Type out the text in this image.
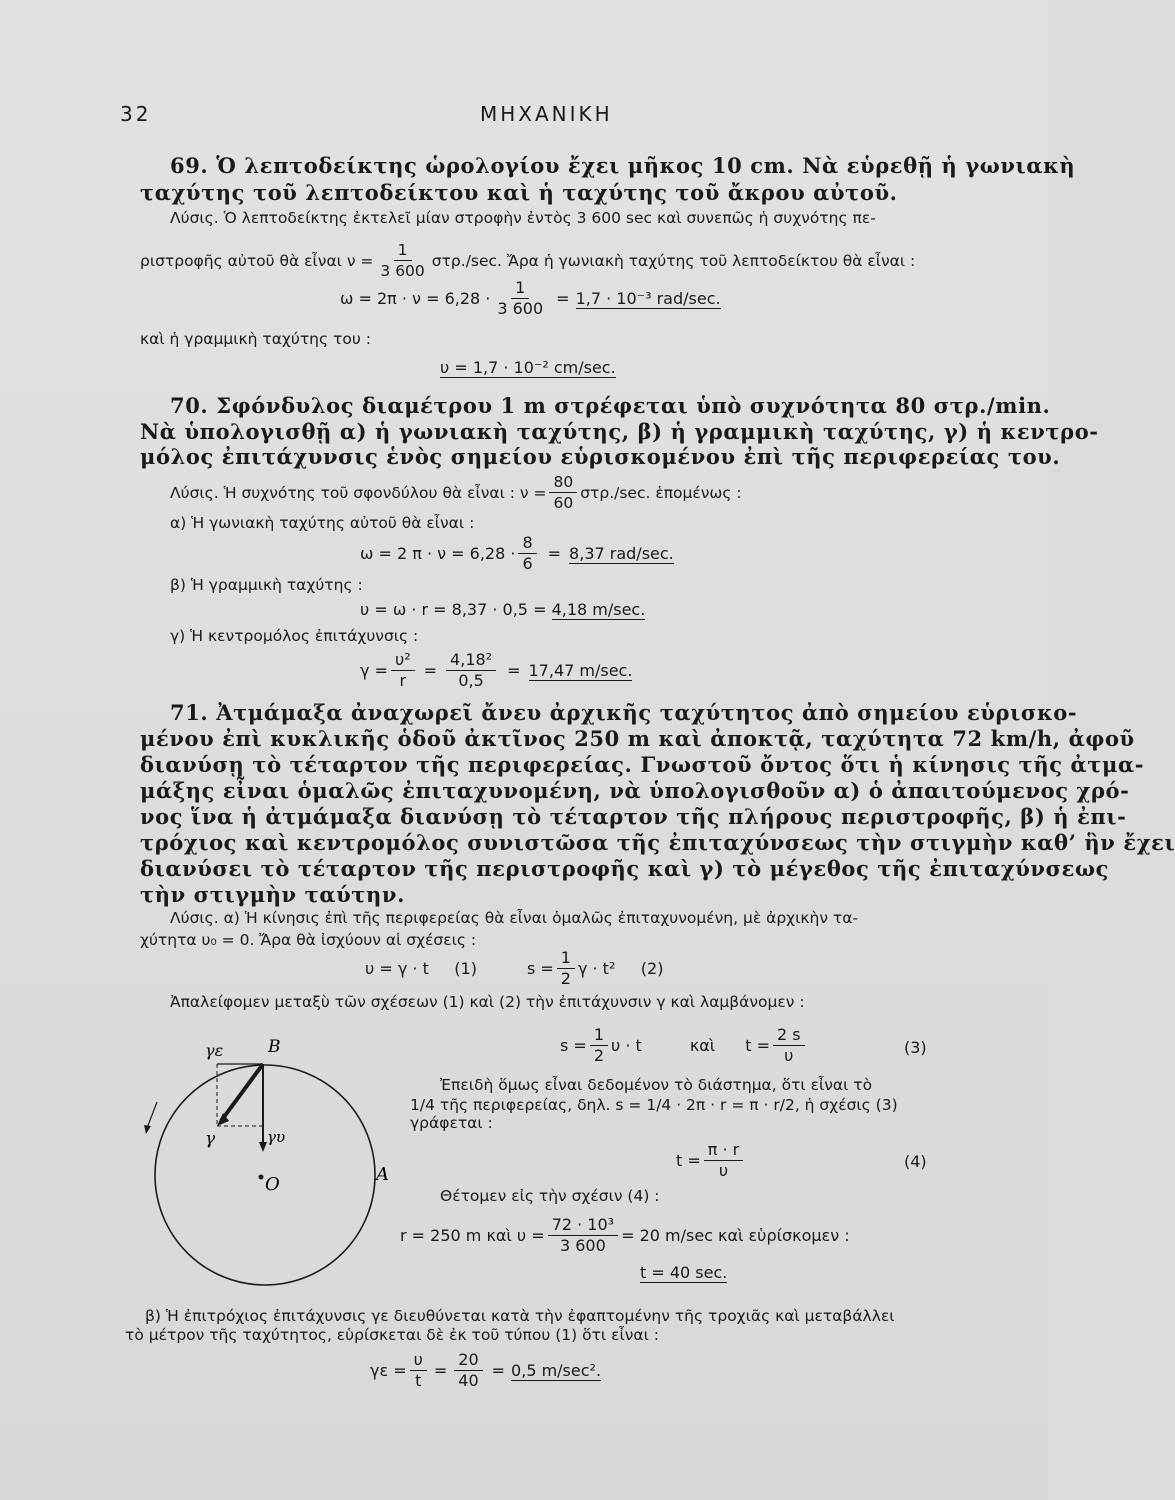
32	ΜΗΧΑΝΙΚΗ
69. Ὁ λεπτοδείκτης ὡρολογίου ἔχει μῆκος 10 cm. Νὰ εὑρεθῇ ἡ γωνιακὴ
ταχύτης τοῦ λεπτοδείκτου καὶ ἡ ταχύτης τοῦ ἄκρου αὐτοῦ.
Λύσις. Ὁ λεπτοδείκτης ἐκτελεῖ μίαν στροφὴν ἐντὸς 3 600 sec καὶ συνεπῶς ἡ συχνότης πε-
ριστροφῆς αὐτοῦ θὰ εἶναι $\nu = \frac{1}{3 600} \sigma\tau\rho./\sec$. Ἄρα ἡ γωνιακὴ ταχύτης τοῦ λεπτοδείκτου θὰ εἶναι :
$\omega = 2\pi \cdot \nu = 6,28 \cdot \frac{1}{3 600} = 1,7 \cdot 10^{-3}$ rad/sec.
καὶ ἡ γραμμικὴ ταχύτης του :
υ = 1,7 · 10⁻² cm/sec.
70. Σφόνδυλος διαμέτρου 1 m στρέφεται ὑπὸ συχνότητα 80 στρ./min.
Νὰ ὑπολογισθῇ α) ἡ γωνιακὴ ταχύτης, β) ἡ γραμμικὴ ταχύτης, γ) ἡ κεντρο-
μόλος ἐπιτάχυνσις ἑνὸς σημείου εὑρισκομένου ἐπὶ τῆς περιφερείας του.
Λύσις. Ἡ συχνότης τοῦ σφονδύλου θὰ εἶναι : $\nu = \frac{80}{60} \sigma\tau\rho./\sec$. ἑπομένως :
α) Ἡ γωνιακὴ ταχύτης αὐτοῦ θὰ εἶναι :
ω = 2 $\pi \cdot \nu = 6,28 \cdot \frac{8}{6} = 8,37$ rad/sec.
β) Ἡ γραμμικὴ ταχύτης :
υ = ω · r = 8,37 · 0,5 = 4,18 m/sec.
γ) Ἡ κεντρομόλος ἐπιτάχυνσις :
$\gamma = \frac{\text{υ²}}{r} = \frac{\text{4,18²}}{0,5} = 17,47$ m/sec.
71. Ἀτμάμαξα ἀναχωρεῖ ἄνευ ἀρχικῆς ταχύτητος ἀπὸ σημείου εὑρισκο-
μένου ἐπὶ κυκλικῆς ὁδοῦ ἀκτῖνος 250 m καὶ ἀποκτᾷ, ταχύτητα 72 km/h, ἀφοῦ
διανύσῃ τὸ τέταρτον τῆς περιφερείας. Γνωστοῦ ὄντος ὅτι ἡ κίνησις τῆς ἀτμα-
μάξης εἶναι ὁμαλῶς ἐπιταχυνομένη, νὰ ὑπολογισθοῦν α) ὁ ἀπαιτούμενος χρό-
νος ἵνα ἡ ἀτμάμαξα διανύσῃ τὸ τέταρτον τῆς πλήρους περιστροφῆς, β) ἡ ἐπι-
τρόχιος καὶ κεντρομόλος συνιστῶσα τῆς ἐπιταχύνσεως τὴν στιγμὴν καθ’ ἣν ἔχει
διανύσει τὸ τέταρτον τῆς περιστροφῆς καὶ γ) τὸ μέγεθος τῆς ἐπιταχύνσεως
τὴν στιγμὴν ταύτην.
Λύσις. α) Ἡ κίνησις ἐπὶ τῆς περιφερείας θὰ εἶναι ὁμαλῶς ἐπιταχυνομένη, μὲ ἀρχικὴν τα-
χύτητα υ₀ = 0. Ἄρα θὰ ἰσχύουν αἱ σχέσεις :
υ = γ · t     (1)	$s = \frac{1}{2}$ γ · t²     (2)
Ἀπαλείφομεν μεταξὺ τῶν σχέσεων (1) καὶ (2) τὴν ἐπιτάχυνσιν γ καὶ λαμβάνομεν :
$s = \frac{1}{2}$ υ · t	καὶ $t = \frac{2 s}{\upsilon}$	(3)
Ἐπειδὴ ὅμως εἶναι δεδομένον τὸ διάστημα, ὅτι εἶναι τὸ
1/4 τῆς περιφερείας, δηλ. s = 1/4 · 2π · r = π · r/2, ἡ σχέσις (3)
γράφεται :
$t = \frac{\pi \cdot r}{\upsilon}$	(4)
Θέτομεν εἰς τὴν σχέσιν (4) :
r = 250 m καὶ $\upsilon = \frac{\text{72 · 10³}}{3 600} = 20$ m/sec καὶ εὑρίσκομεν :
t = 40 sec.
β) Ἡ ἐπιτρόχιος ἐπιτάχυνσις γε διευθύνεται κατὰ τὴν ἐφαπτομένην τῆς τροχιᾶς καὶ μεταβάλλει
τὸ μέτρον τῆς ταχύτητος, εὑρίσκεται δὲ ἐκ τοῦ τύπου (1) ὅτι εἶναι :
$\gamma\varepsilon = \frac{\upsilon}{t} = \frac{20}{40} = 0,5$ m/sec².
γε	B
γ	γυ
O	A
